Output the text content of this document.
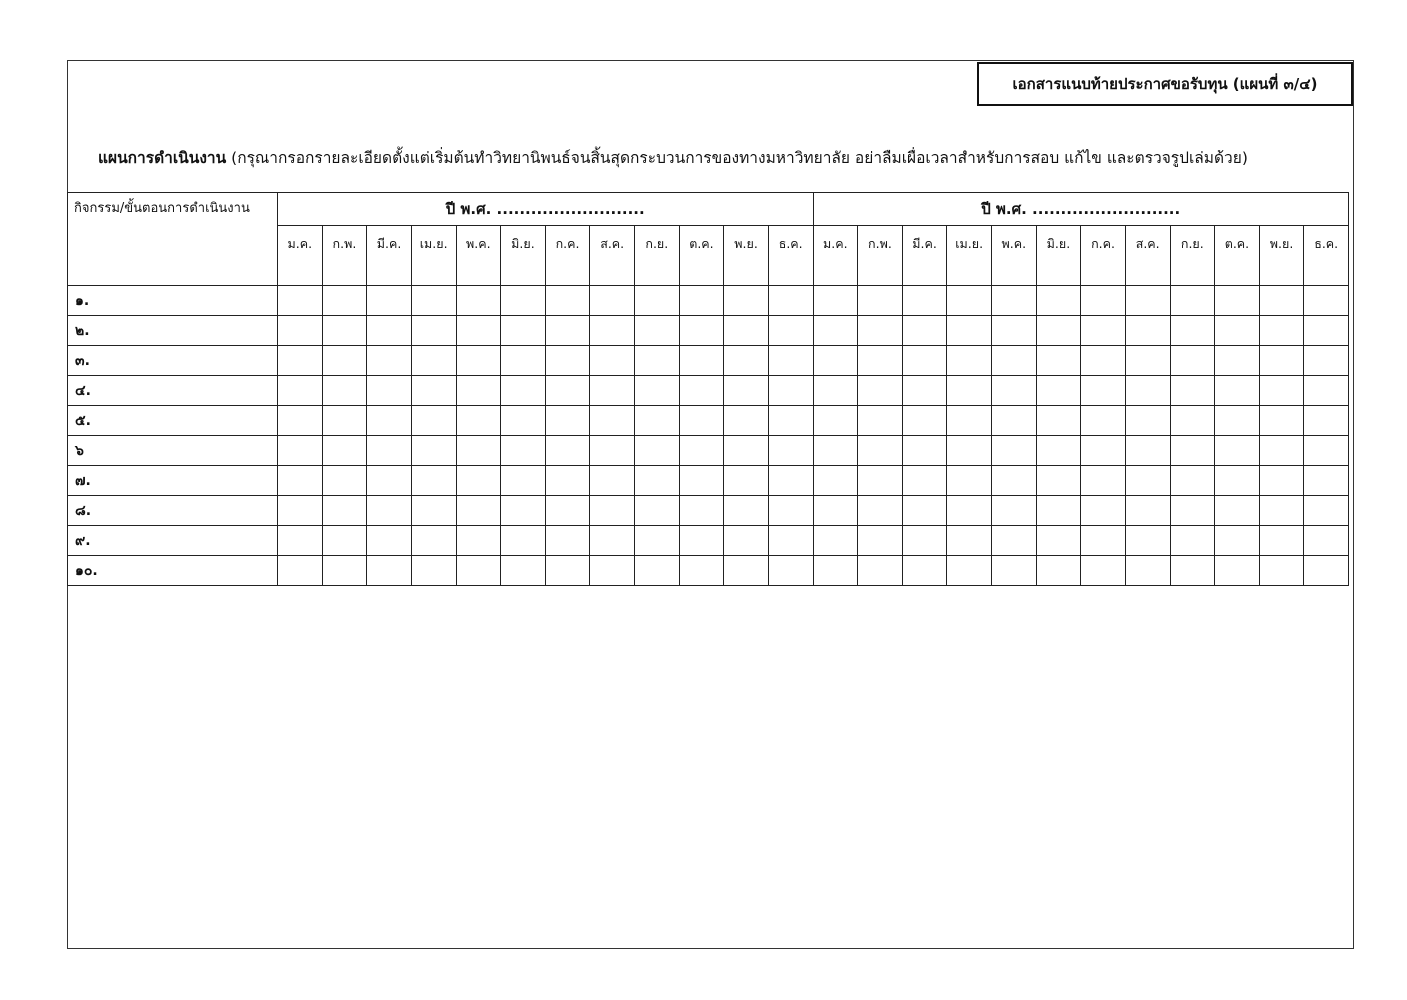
เอกสารแนบท้ายประกาศขอรับทุน (แผนที่ ๓/๔)
แผนการดำเนินงาน (กรุณากรอกรายละเอียดตั้งแต่เริ่มต้นทำวิทยานิพนธ์จนสิ้นสุดกระบวนการของทางมหาวิทยาลัย อย่าลืมเผื่อเวลาสำหรับการสอบ แก้ไข และตรวจรูปเล่มด้วย)
กิจกรรม/ขั้นตอนการดำเนินงาน	ปี พ.ศ. ..........................												ปี พ.ศ. ..........................											
	ม.ค.	ก.พ.	มี.ค.	เม.ย.	พ.ค.	มิ.ย.	ก.ค.	ส.ค.	ก.ย.	ต.ค.	พ.ย.	ธ.ค.	ม.ค.	ก.พ.	มี.ค.	เม.ย.	พ.ค.	มิ.ย.	ก.ค.	ส.ค.	ก.ย.	ต.ค.	พ.ย.	ธ.ค.
๑.																								
๒.																								
๓.																								
๔.																								
๕.																								
๖																								
๗.																								
๘.																								
๙.																								
๑๐.																								
